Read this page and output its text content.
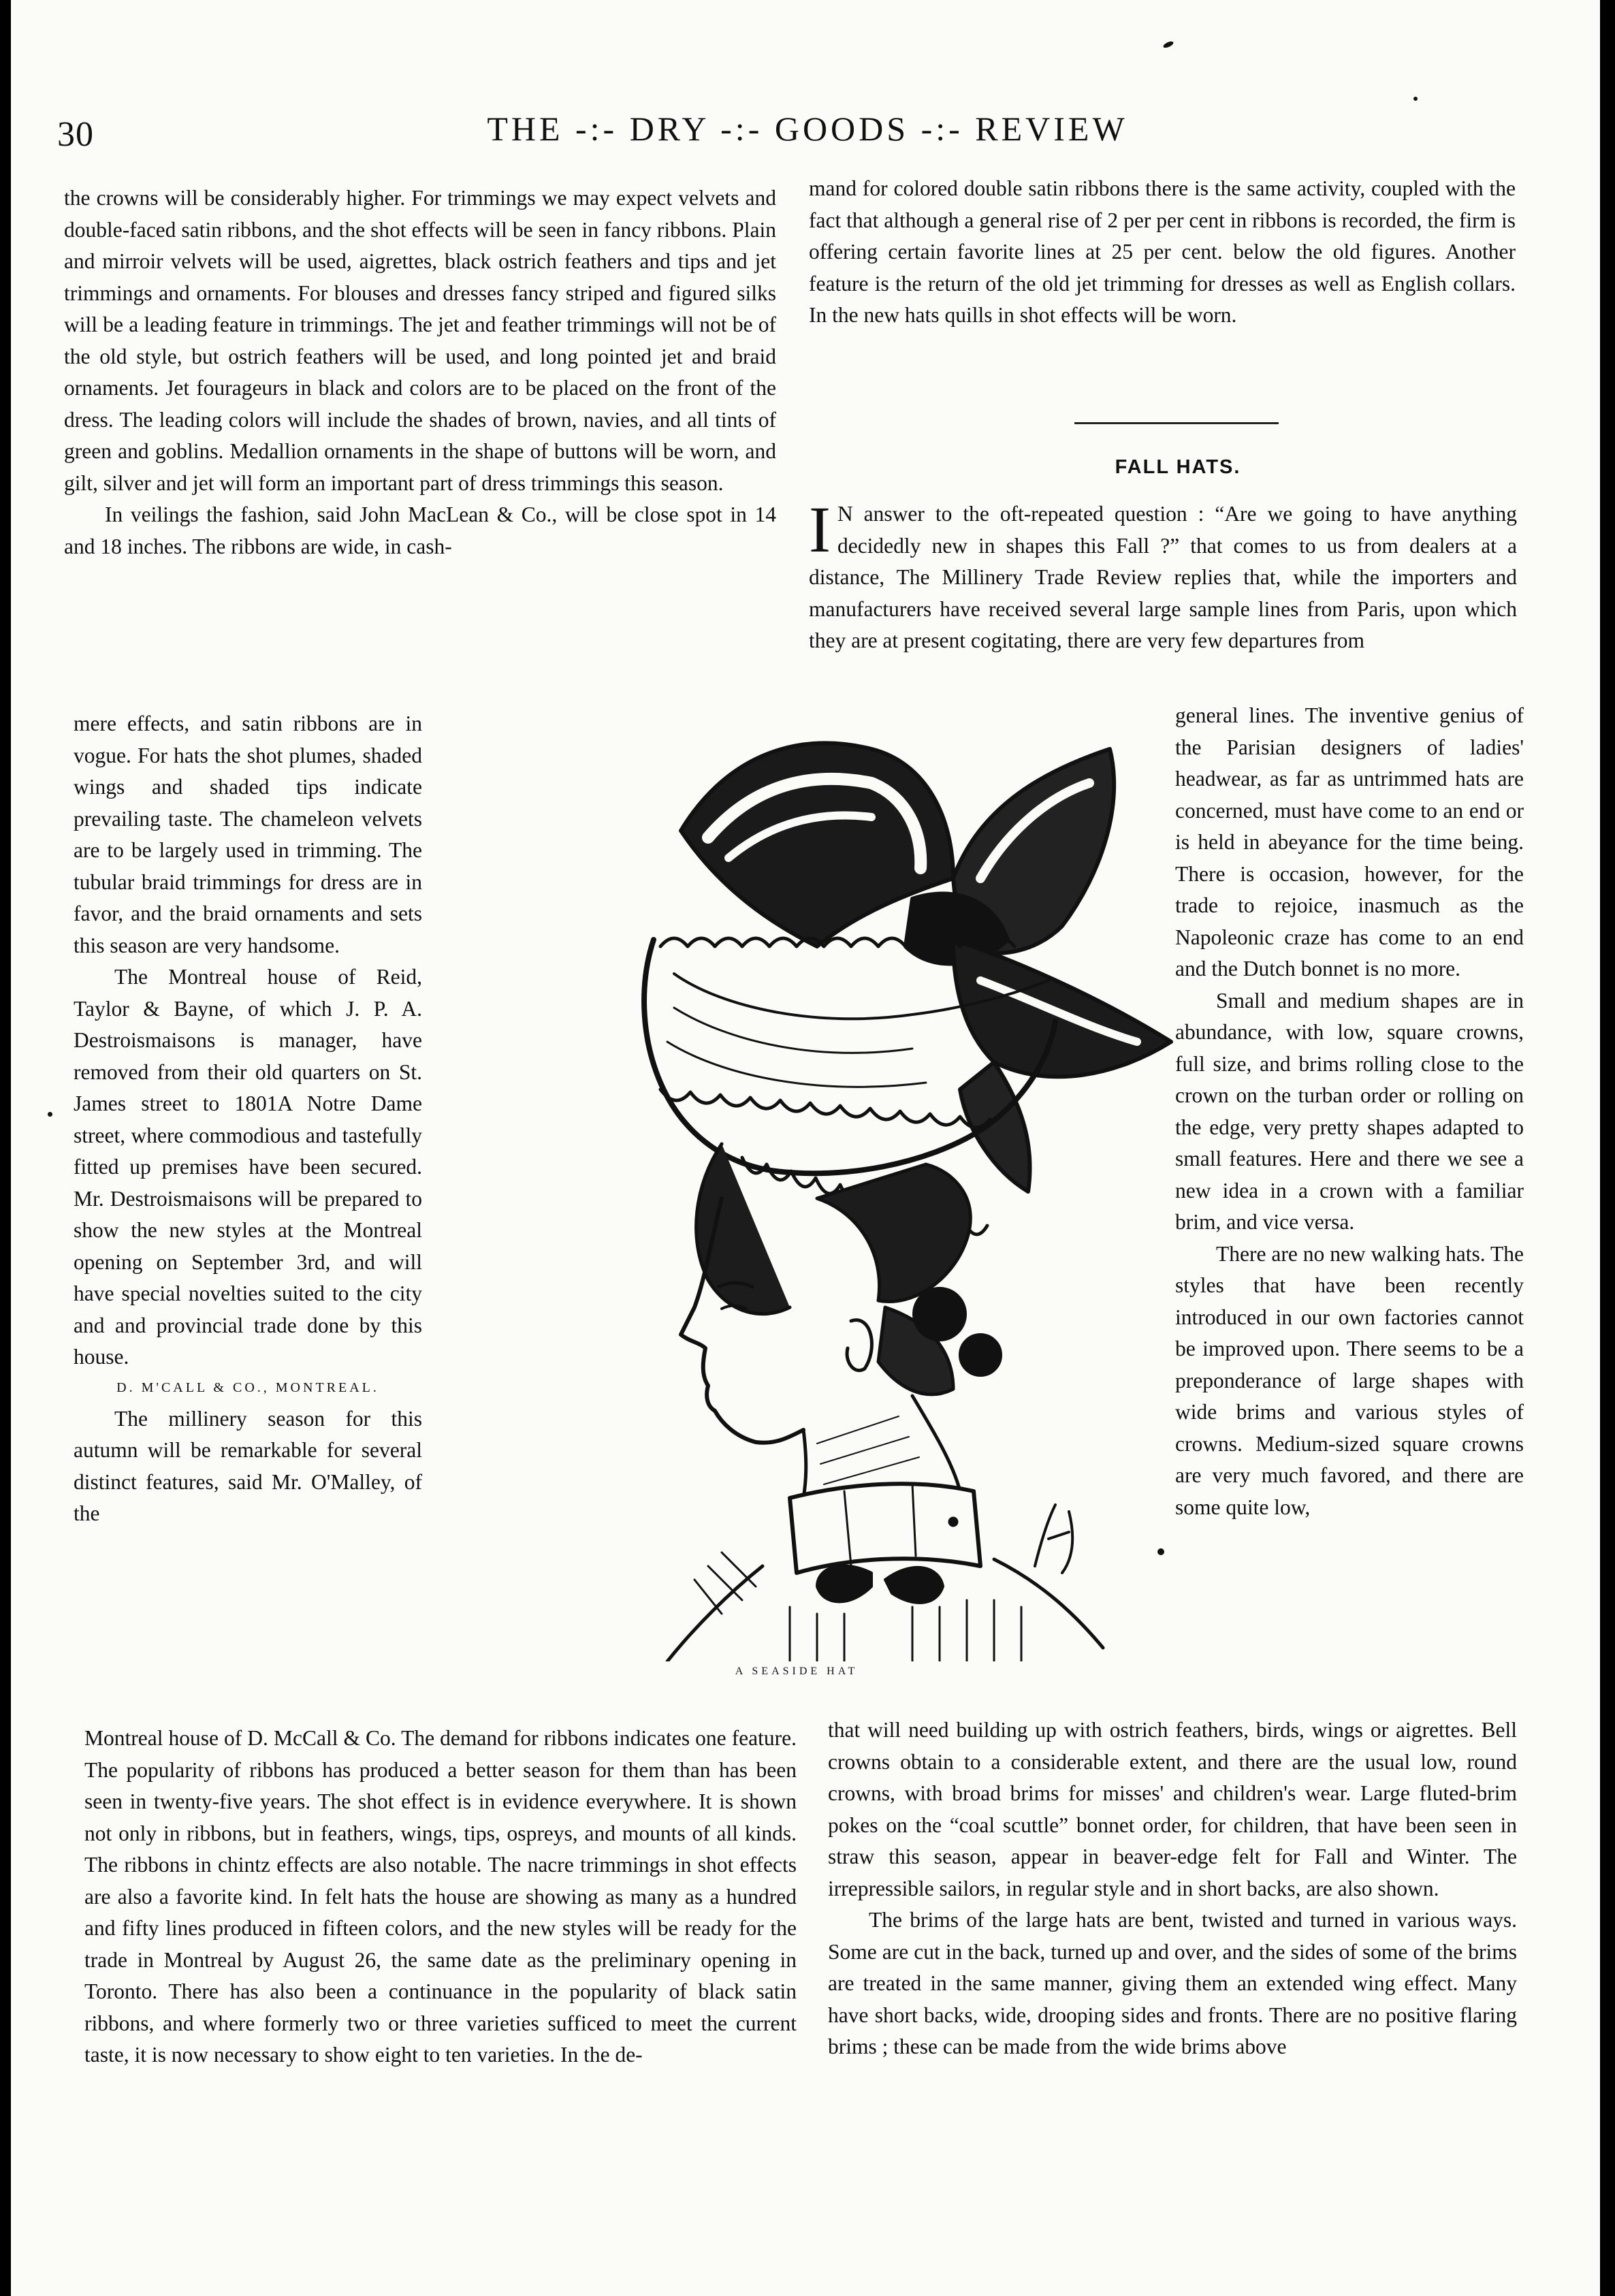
30	THE -:- DRY -:- GOODS -:- REVIEW

the crowns will be considerably higher. For trimmings we may expect velvets and double-faced satin ribbons, and the shot effects will be seen in fancy ribbons. Plain and mirroir velvets will be used, aigrettes, black ostrich feathers and tips and jet trimmings and ornaments. For blouses and dresses fancy striped and figured silks will be a leading feature in trimmings. The jet and feather trimmings will not be of the old style, but ostrich feathers will be used, and long pointed jet and braid ornaments. Jet fourageurs in black and colors are to be placed on the front of the dress. The leading colors will include the shades of brown, navies, and all tints of green and goblins. Medallion ornaments in the shape of buttons will be worn, and gilt, silver and jet will form an important part of dress trimmings this season.

In veilings the fashion, said John MacLean & Co., will be close spot in 14 and 18 inches. The ribbons are wide, in cash-

mere effects, and satin ribbons are in vogue. For hats the shot plumes, shaded wings and shaded tips indicate prevailing taste. The chameleon velvets are to be largely used in trimming. The tubular braid trimmings for dress are in favor, and the braid ornaments and sets this season are very handsome.

The Montreal house of Reid, Taylor & Bayne, of which J. P. A. Destroismaisons is manager, have removed from their old quarters on St. James street to 1801A Notre Dame street, where commodious and tastefully fitted up premises have been secured. Mr. Destroismaisons will be prepared to show the new styles at the Montreal opening on September 3rd, and will have special novelties suited to the city and and provincial trade done by this house.

D. M'CALL & CO., MONTREAL.

The millinery season for this autumn will be remarkable for several distinct features, said Mr. O'Malley, of the

Montreal house of D. McCall & Co. The demand for ribbons indicates one feature. The popularity of ribbons has produced a better season for them than has been seen in twenty-five years. The shot effect is in evidence everywhere. It is shown not only in ribbons, but in feathers, wings, tips, ospreys, and mounts of all kinds. The ribbons in chintz effects are also notable. The nacre trimmings in shot effects are also a favorite kind. In felt hats the house are showing as many as a hundred and fifty lines produced in fifteen colors, and the new styles will be ready for the trade in Montreal by August 26, the same date as the preliminary opening in Toronto. There has also been a continuance in the popularity of black satin ribbons, and where formerly two or three varieties sufficed to meet the current taste, it is now necessary to show eight to ten varieties. In the de-

mand for colored double satin ribbons there is the same activity, coupled with the fact that although a general rise of 2 per per cent in ribbons is recorded, the firm is offering certain favorite lines at 25 per cent. below the old figures. Another feature is the return of the old jet trimming for dresses as well as English collars. In the new hats quills in shot effects will be worn.

FALL HATS.

I N answer to the oft-repeated question : “Are we going to have anything decidedly new in shapes this Fall ?” that comes to us from dealers at a distance, The Millinery Trade Review replies that, while the importers and manufacturers have received several large sample lines from Paris, upon which they are at present cogitating, there are very few departures from

general lines. The inventive genius of the Parisian designers of ladies' headwear, as far as untrimmed hats are concerned, must have come to an end or is held in abeyance for the time being. There is occasion, however, for the trade to rejoice, inasmuch as the Napoleonic craze has come to an end and the Dutch bonnet is no more.

Small and medium shapes are in abundance, with low, square crowns, full size, and brims rolling close to the crown on the turban order or rolling on the edge, very pretty shapes adapted to small features. Here and there we see a new idea in a crown with a familiar brim, and vice versa.

There are no new walking hats. The styles that have been recently introduced in our own factories cannot be improved upon. There seems to be a preponderance of large shapes with wide brims and various styles of crowns. Medium-sized square crowns are very much favored, and there are some quite low,

that will need building up with ostrich feathers, birds, wings or aigrettes. Bell crowns obtain to a considerable extent, and there are the usual low, round crowns, with broad brims for misses' and children's wear. Large fluted-brim pokes on the “coal scuttle” bonnet order, for children, that have been seen in straw this season, appear in beaver-edge felt for Fall and Winter. The irrepressible sailors, in regular style and in short backs, are also shown.

The brims of the large hats are bent, twisted and turned in various ways. Some are cut in the back, turned up and over, and the sides of some of the brims are treated in the same manner, giving them an extended wing effect. Many have short backs, wide, drooping sides and fronts. There are no positive flaring brims ; these can be made from the wide brims above

A SEASIDE HAT
